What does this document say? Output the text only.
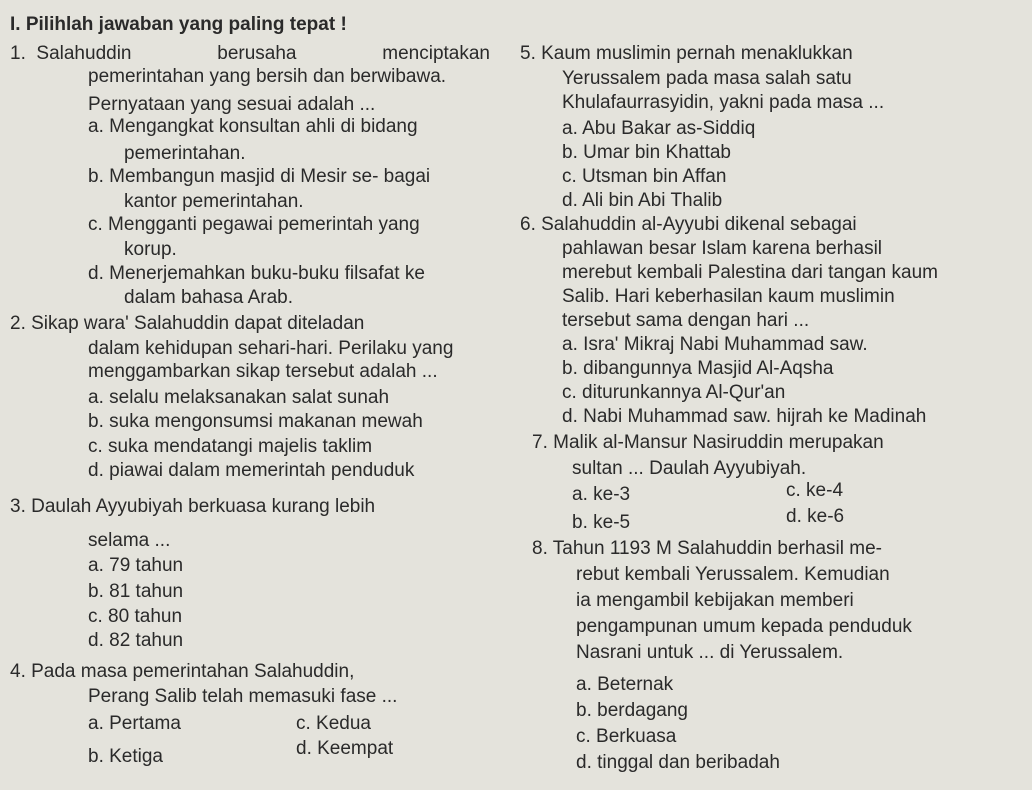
I. Pilihlah jawaban yang paling tepat !
1.  Salahuddin	berusaha	menciptakan
pemerintahan yang bersih dan berwibawa.
Pernyataan yang sesuai adalah ...
a. Mengangkat konsultan ahli di bidang
pemerintahan.
b. Membangun masjid di Mesir se- bagai
kantor pemerintahan.
c. Mengganti pegawai pemerintah yang
korup.
d. Menerjemahkan buku-buku filsafat ke
dalam bahasa Arab.
2. Sikap wara' Salahuddin dapat diteladan
dalam kehidupan sehari-hari. Perilaku yang
menggambarkan sikap tersebut adalah ...
a. selalu melaksanakan salat sunah
b. suka mengonsumsi makanan mewah
c. suka mendatangi majelis taklim
d. piawai dalam memerintah penduduk
3. Daulah Ayyubiyah berkuasa kurang lebih
selama ...
a. 79 tahun
b. 81 tahun
c. 80 tahun
d. 82 tahun
4. Pada masa pemerintahan Salahuddin,
Perang Salib telah memasuki fase ...
a. Pertama	c. Kedua
b. Ketiga	d. Keempat
5. Kaum muslimin pernah menaklukkan
Yerussalem pada masa salah satu
Khulafaurrasyidin, yakni pada masa ...
a. Abu Bakar as-Siddiq
b. Umar bin Khattab
c. Utsman bin Affan
d. Ali bin Abi Thalib
6. Salahuddin al-Ayyubi dikenal sebagai
pahlawan besar Islam karena berhasil
merebut kembali Palestina dari tangan kaum
Salib. Hari keberhasilan kaum muslimin
tersebut sama dengan hari ...
a. Isra' Mikraj Nabi Muhammad saw.
b. dibangunnya Masjid Al-Aqsha
c. diturunkannya Al-Qur'an
d. Nabi Muhammad saw. hijrah ke Madinah
7. Malik al-Mansur Nasiruddin merupakan
sultan ... Daulah Ayyubiyah.
a. ke-3	c. ke-4
b. ke-5	d. ke-6
8. Tahun 1193 M Salahuddin berhasil me-
rebut kembali Yerussalem. Kemudian
ia mengambil kebijakan memberi
pengampunan umum kepada penduduk
Nasrani untuk ... di Yerussalem.
a. Beternak
b. berdagang
c. Berkuasa
d. tinggal dan beribadah
